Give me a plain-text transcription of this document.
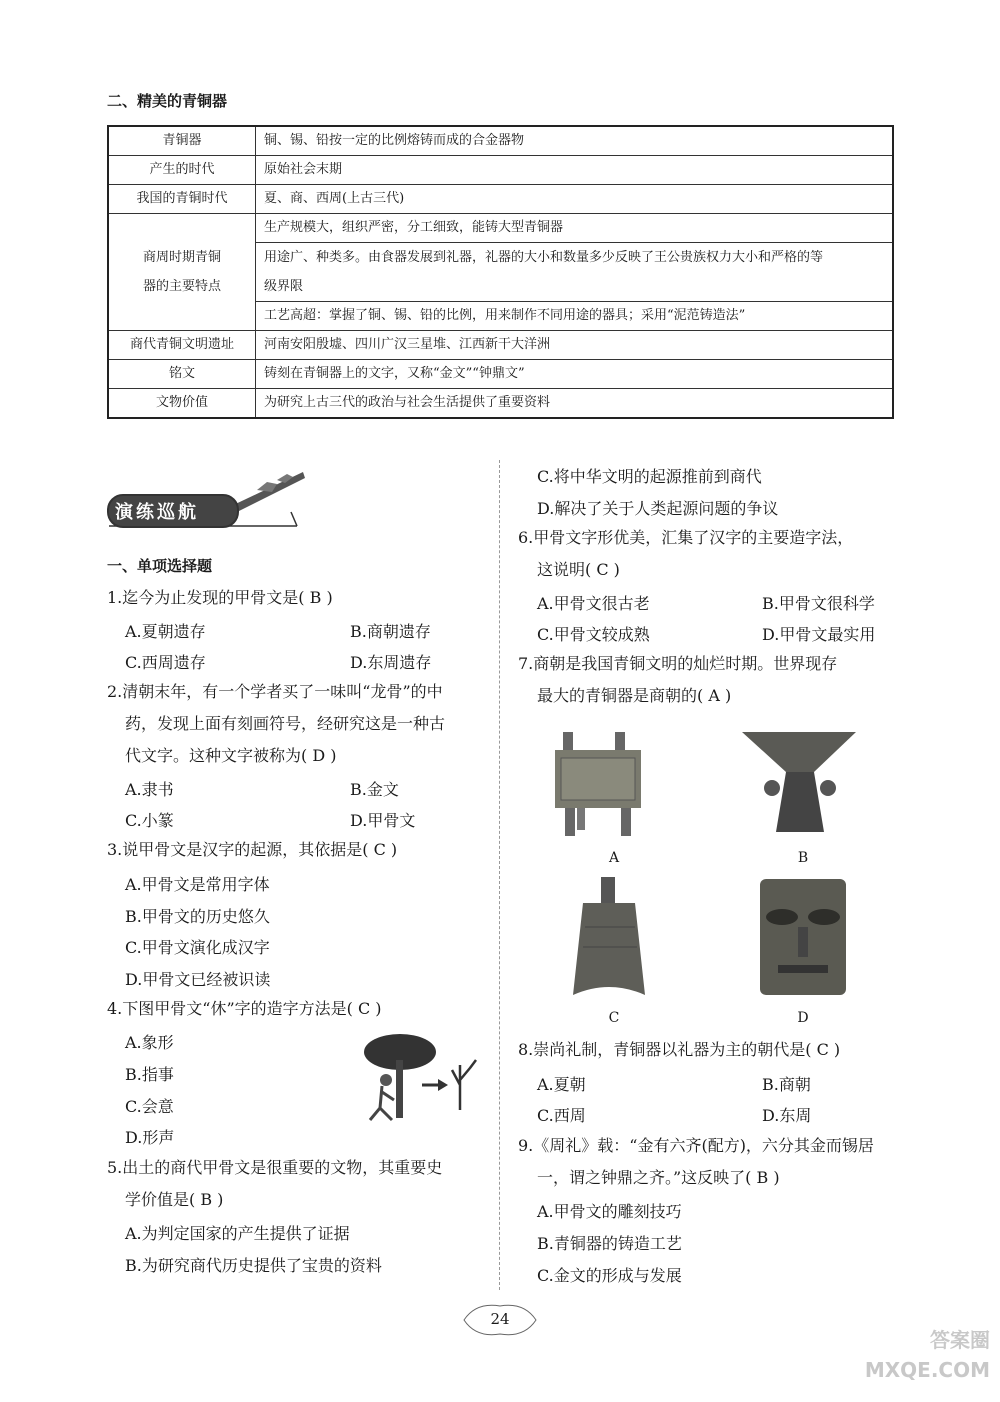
二、精美的青铜器
青铜器	铜、锡、铅按一定的比例熔铸而成的合金器物
产生的时代	原始社会末期
我国的青铜时代	夏、商、西周(上古三代)

商周时期青铜
器的主要特点	生产规模大，组织严密，分工细致，能铸大型青铜器

	用途广、种类多。由食器发展到礼器，礼器的大小和数量多少反映了王公贵族权力大小和严格的等
级界限

	工艺高超：掌握了铜、锡、铅的比例，用来制作不同用途的器具；采用“泥范铸造法”
商代青铜文明遗址	河南安阳殷墟、四川广汉三星堆、江西新干大洋洲
铭文	铸刻在青铜器上的文字，又称“金文”“钟鼎文”
文物价值	为研究上古三代的政治与社会生活提供了重要资料
演练巡航
一、单项选择题
1.迄今为止发现的甲骨文是( B )
A.夏朝遗存	B.商朝遗存
C.西周遗存	D.东周遗存
2.清朝末年，有一个学者买了一味叫“龙骨”的中
药，发现上面有刻画符号，经研究这是一种古
代文字。这种文字被称为( D )
A.隶书	B.金文
C.小篆	D.甲骨文
3.说甲骨文是汉字的起源，其依据是( C )
A.甲骨文是常用字体
B.甲骨文的历史悠久
C.甲骨文演化成汉字
D.甲骨文已经被识读
4.下图甲骨文“休”字的造字方法是( C )
A.象形
B.指事
C.会意
D.形声
5.出土的商代甲骨文是很重要的文物，其重要史
学价值是( B )
A.为判定国家的产生提供了证据
B.为研究商代历史提供了宝贵的资料
C.将中华文明的起源推前到商代
D.解决了关于人类起源问题的争议
6.甲骨文字形优美，汇集了汉字的主要造字法，
这说明( C )
A.甲骨文很古老	B.甲骨文很科学
C.甲骨文较成熟	D.甲骨文最实用
7.商朝是我国青铜文明的灿烂时期。世界现存
最大的青铜器是商朝的( A )
A	B
C	D
8.崇尚礼制，青铜器以礼器为主的朝代是( C )
A.夏朝	B.商朝
C.西周	D.东周
9.《周礼》载：“金有六齐(配方)，六分其金而锡居
一，谓之钟鼎之齐。”这反映了( B )
A.甲骨文的雕刻技巧
B.青铜器的铸造工艺
C.金文的形成与发展
24
答案圈 MXQE.COM
